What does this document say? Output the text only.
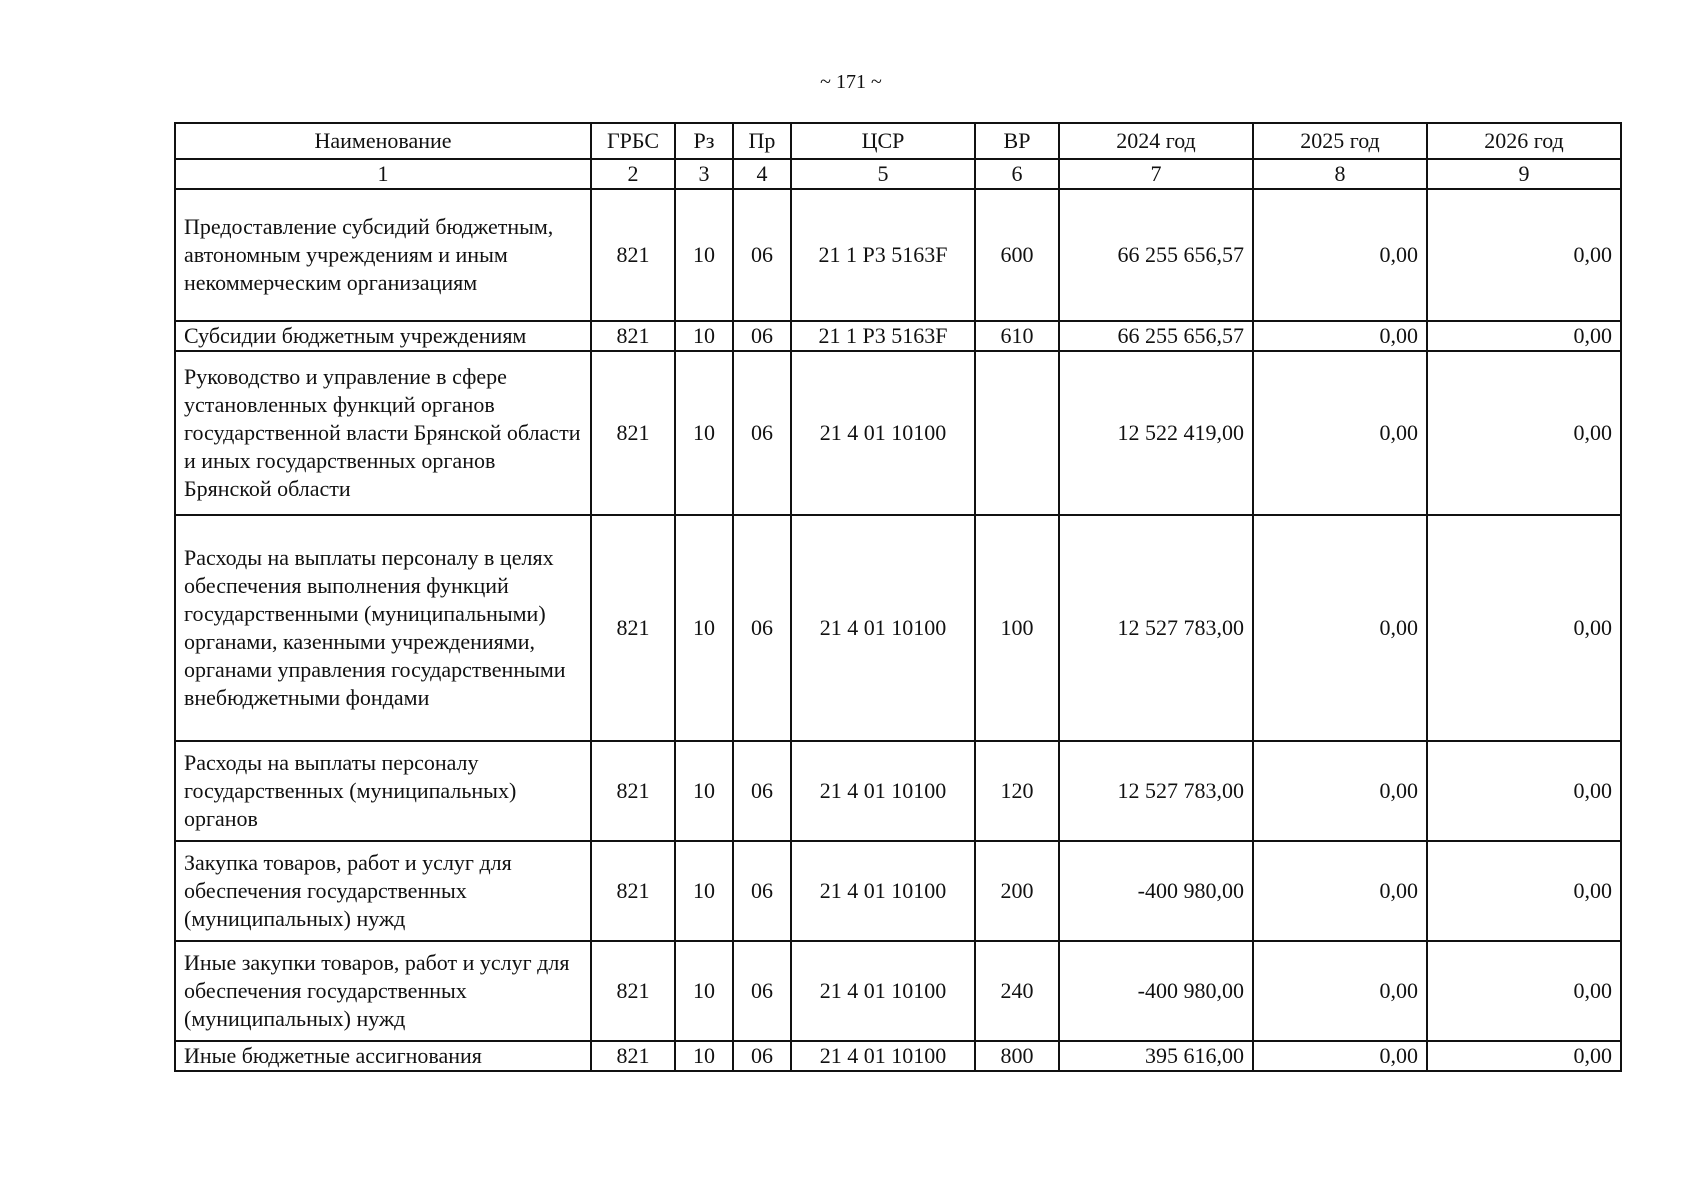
~ 171 ~
Наименование	ГРБС	Рз	Пр	ЦСР	ВР	2024 год	2025 год	2026 год
1	2	3	4	5	6	7	8	9
Предоставление субсидий бюджетным, автономным учреждениям и иным некоммерческим организациям	821	10	06	21 1 P3 5163F	600	66 255 656,57	0,00	0,00
Субсидии бюджетным учреждениям	821	10	06	21 1 P3 5163F	610	66 255 656,57	0,00	0,00
Руководство и управление в сфере установленных функций органов государственной власти Брянской области и иных государственных органов Брянской области	821	10	06	21 4 01 10100		12 522 419,00	0,00	0,00
Расходы на выплаты персоналу в целях обеспечения выполнения функций государственными (муниципальными) органами, казенными учреждениями, органами управления государственными внебюджетными фондами	821	10	06	21 4 01 10100	100	12 527 783,00	0,00	0,00
Расходы на выплаты персоналу государственных (муниципальных) органов	821	10	06	21 4 01 10100	120	12 527 783,00	0,00	0,00
Закупка товаров, работ и услуг для обеспечения государственных (муниципальных) нужд	821	10	06	21 4 01 10100	200	-400 980,00	0,00	0,00
Иные закупки товаров, работ и услуг для обеспечения государственных (муниципальных) нужд	821	10	06	21 4 01 10100	240	-400 980,00	0,00	0,00
Иные бюджетные ассигнования	821	10	06	21 4 01 10100	800	395 616,00	0,00	0,00
